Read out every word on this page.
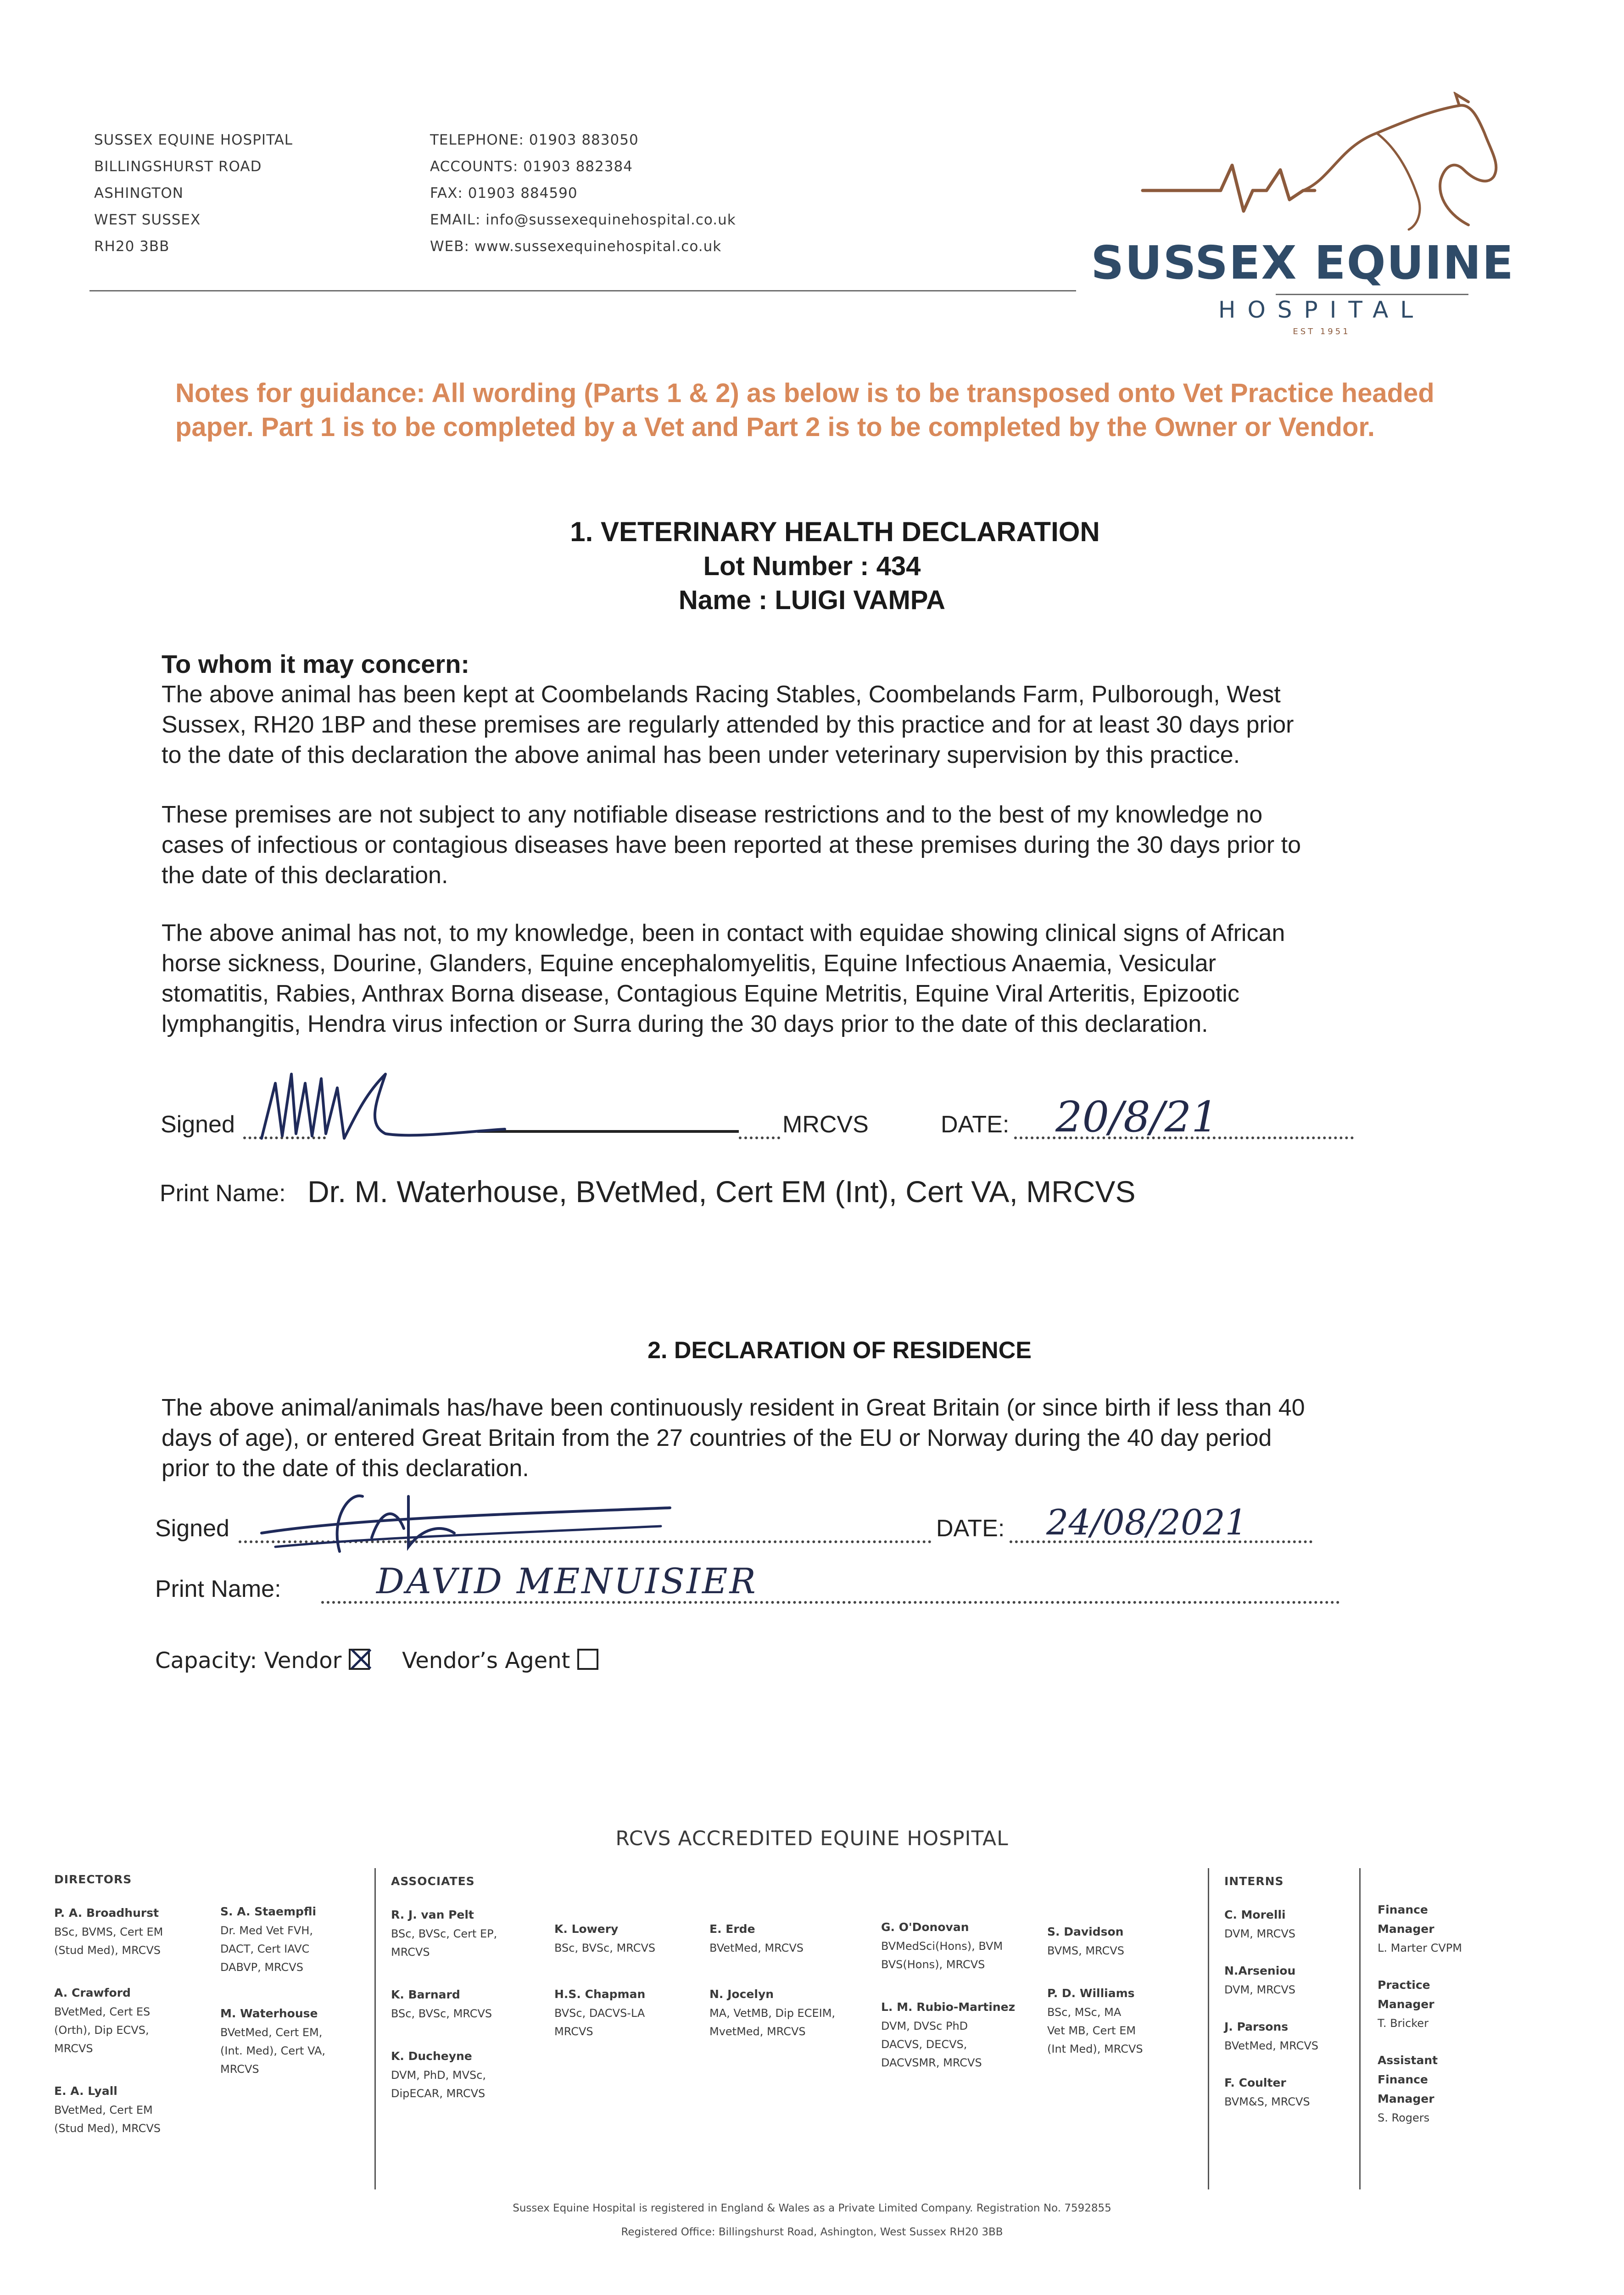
SUSSEX EQUINE HOSPITAL
BILLINGSHURST ROAD
ASHINGTON
WEST SUSSEX
RH20 3BB
TELEPHONE: 01903 883050
ACCOUNTS: 01903 882384
FAX: 01903 884590
EMAIL: info@sussexequinehospital.co.uk
WEB: www.sussexequinehospital.co.uk	SUSSEX EQUINE
HOSPITAL
EST 1951
Notes for guidance: All wording (Parts 1 & 2) as below is to be transposed onto Vet Practice headed paper. Part 1 is to be completed by a Vet and Part 2 is to be completed by the Owner or Vendor.
1. VETERINARY HEALTH DECLARATION
Lot Number : 434
Name : LUIGI VAMPA
To whom it may concern:
The above animal has been kept at Coombelands Racing Stables, Coombelands Farm, Pulborough, West
Sussex, RH20 1BP and these premises are regularly attended by this practice and for at least 30 days prior
to the date of this declaration the above animal has been under veterinary supervision by this practice.
These premises are not subject to any notifiable disease restrictions and to the best of my knowledge no
cases of infectious or contagious diseases have been reported at these premises during the 30 days prior to
the date of this declaration.
The above animal has not, to my knowledge, been in contact with equidae showing clinical signs of African
horse sickness, Dourine, Glanders, Equine encephalomyelitis, Equine Infectious Anaemia, Vesicular
stomatitis, Rabies, Anthrax Borna disease, Contagious Equine Metritis, Equine Viral Arteritis, Epizootic
lymphangitis, Hendra virus infection or Surra during the 30 days prior to the date of this declaration.
Signed	MRCVS	DATE: 20/8/21
Print Name: Dr. M. Waterhouse, BVetMed, Cert EM (Int), Cert VA, MRCVS
2. DECLARATION OF RESIDENCE
The above animal/animals has/have been continuously resident in Great Britain (or since birth if less than 40
days of age), or entered Great Britain from the 27 countries of the EU or Norway during the 40 day period
prior to the date of this declaration.
Signed	DATE: 24/08/2021
Print Name:	DAVID MENUISIER
Capacity: Vendor	Vendor’s Agent
RCVS ACCREDITED EQUINE HOSPITAL
DIRECTORS
P. A. Broadhurst
BSc, BVMS, Cert EM
(Stud Med), MRCVS
A. Crawford
BVetMed, Cert ES
(Orth), Dip ECVS,
MRCVS
E. A. Lyall
BVetMed, Cert EM
(Stud Med), MRCVS
S. A. Staempfli
Dr. Med Vet FVH,
DACT, Cert IAVC
DABVP, MRCVS
M. Waterhouse
BVetMed, Cert EM,
(Int. Med), Cert VA,
MRCVS
ASSOCIATES
R. J. van Pelt
BSc, BVSc, Cert EP,
MRCVS
K. Barnard
BSc, BVSc, MRCVS
K. Ducheyne
DVM, PhD, MVSc,
DipECAR, MRCVS
K. Lowery
BSc, BVSc, MRCVS
H.S. Chapman
BVSc, DACVS-LA
MRCVS
E. Erde
BVetMed, MRCVS
N. Jocelyn
MA, VetMB, Dip ECEIM,
MvetMed, MRCVS
G. O'Donovan
BVMedSci(Hons), BVM
BVS(Hons), MRCVS
L. M. Rubio-Martinez
DVM, DVSc PhD
DACVS, DECVS,
DACVSMR, MRCVS
S. Davidson
BVMS, MRCVS
P. D. Williams
BSc, MSc, MA
Vet MB, Cert EM
(Int Med), MRCVS
INTERNS
C. Morelli
DVM, MRCVS
N.Arseniou
DVM, MRCVS
J. Parsons
BVetMed, MRCVS
F. Coulter
BVM&S, MRCVS
Finance Manager
L. Marter CVPM
Practice Manager
T. Bricker
Assistant Finance
Manager
S. Rogers
Sussex Equine Hospital is registered in England & Wales as a Private Limited Company. Registration No. 7592855
Registered Office: Billingshurst Road, Ashington, West Sussex RH20 3BB
